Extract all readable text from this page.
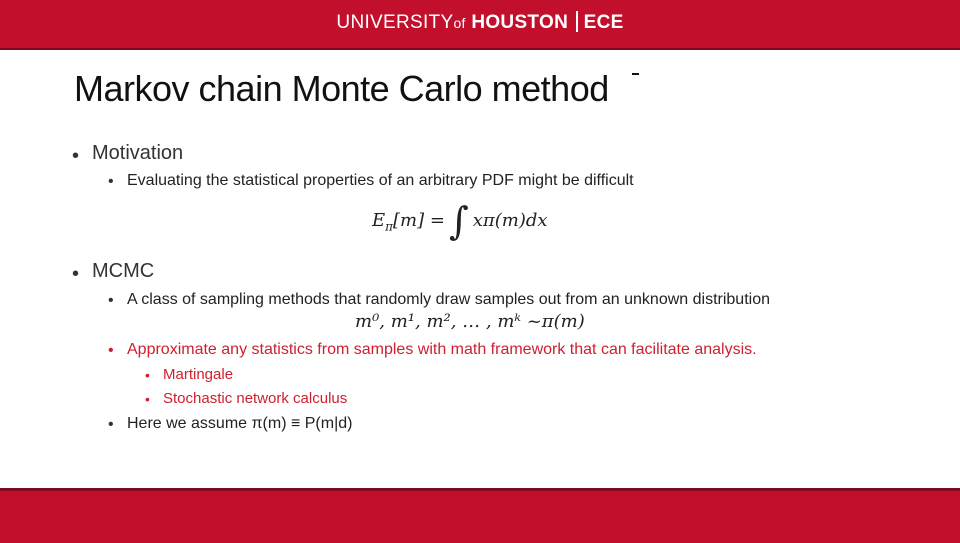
UNIVERSITYof HOUSTON ECE
Markov chain Monte Carlo method
• Motivation
• Evaluating the statistical properties of an arbitrary PDF might be difficult
$E_\pi[m]$ = ∫ xπ(m)dx
• MCMC
• A class of sampling methods that randomly draw samples out from an unknown distribution
m⁰, m¹, m², … , mᵏ ~π(m)
• Approximate any statistics from samples with math framework that can facilitate analysis.
• Martingale
• Stochastic network calculus
• Here we assume π(m) ≡ P(m|d)
